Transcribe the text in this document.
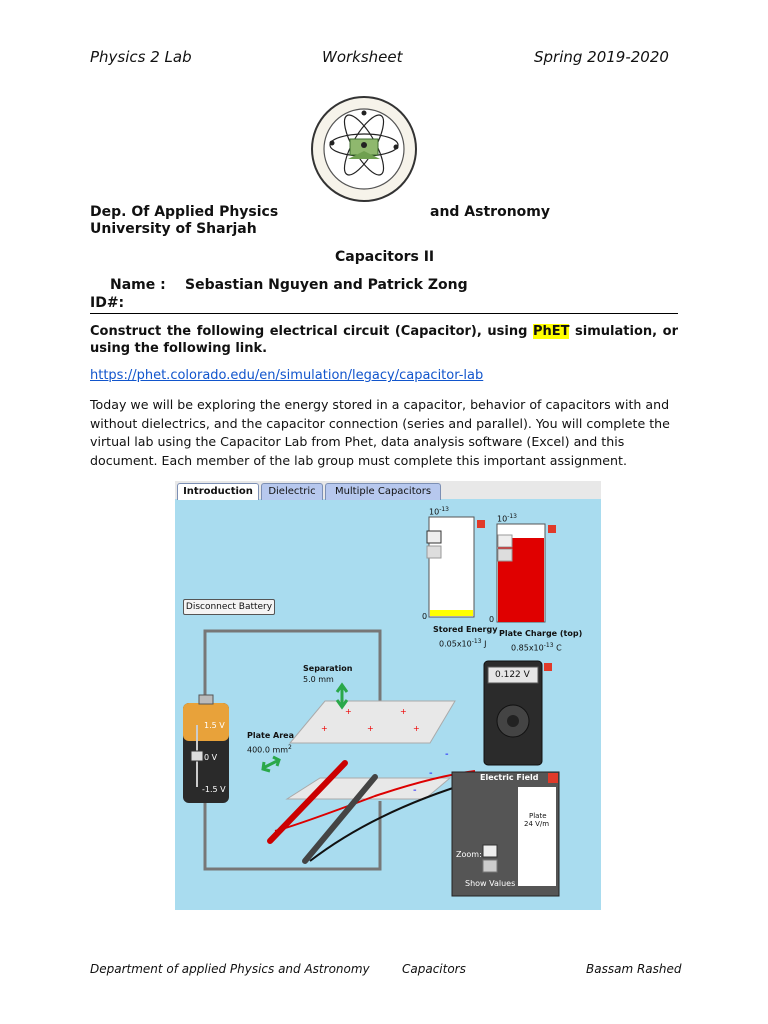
Physics 2 Lab	Worksheet	Spring 2019-2020
Dep. Of Applied Physics	and Astronomy
University of Sharjah
Capacitors II
Name : Sebastian Nguyen and Patrick Zong
ID#:
Construct the following electrical circuit (Capacitor), using PhET simulation, or using the following link.
https://phet.colorado.edu/en/simulation/legacy/capacitor-lab
Today we will be exploring the energy stored in a capacitor, behavior of capacitors with and without dielectrics, and the capacitor connection (series and parallel). You will complete the virtual lab using the Capacitor Lab from Phet, data analysis software (Excel) and this document. Each member of the lab group must complete this important assignment.
Introduction	Dielectric	Multiple Capacitors
Disconnect Battery
+	+
+	+	+
-
-
-
$10^{-13}$
0
$10^{-13}$
0
Stored Energy
$0.05x10^{-13}$ J
Plate Charge (top)
$0.85x10^{-13}$ C
Separation
5.0 mm
Plate Area
400.0 $mm^2$
1.5 V
0 V
-1.5 V
0.122 V
Electric Field
Plate
24 V/m
Zoom:
Show Values
Department of applied Physics and Astronomy	Capacitors	Bassam Rashed
